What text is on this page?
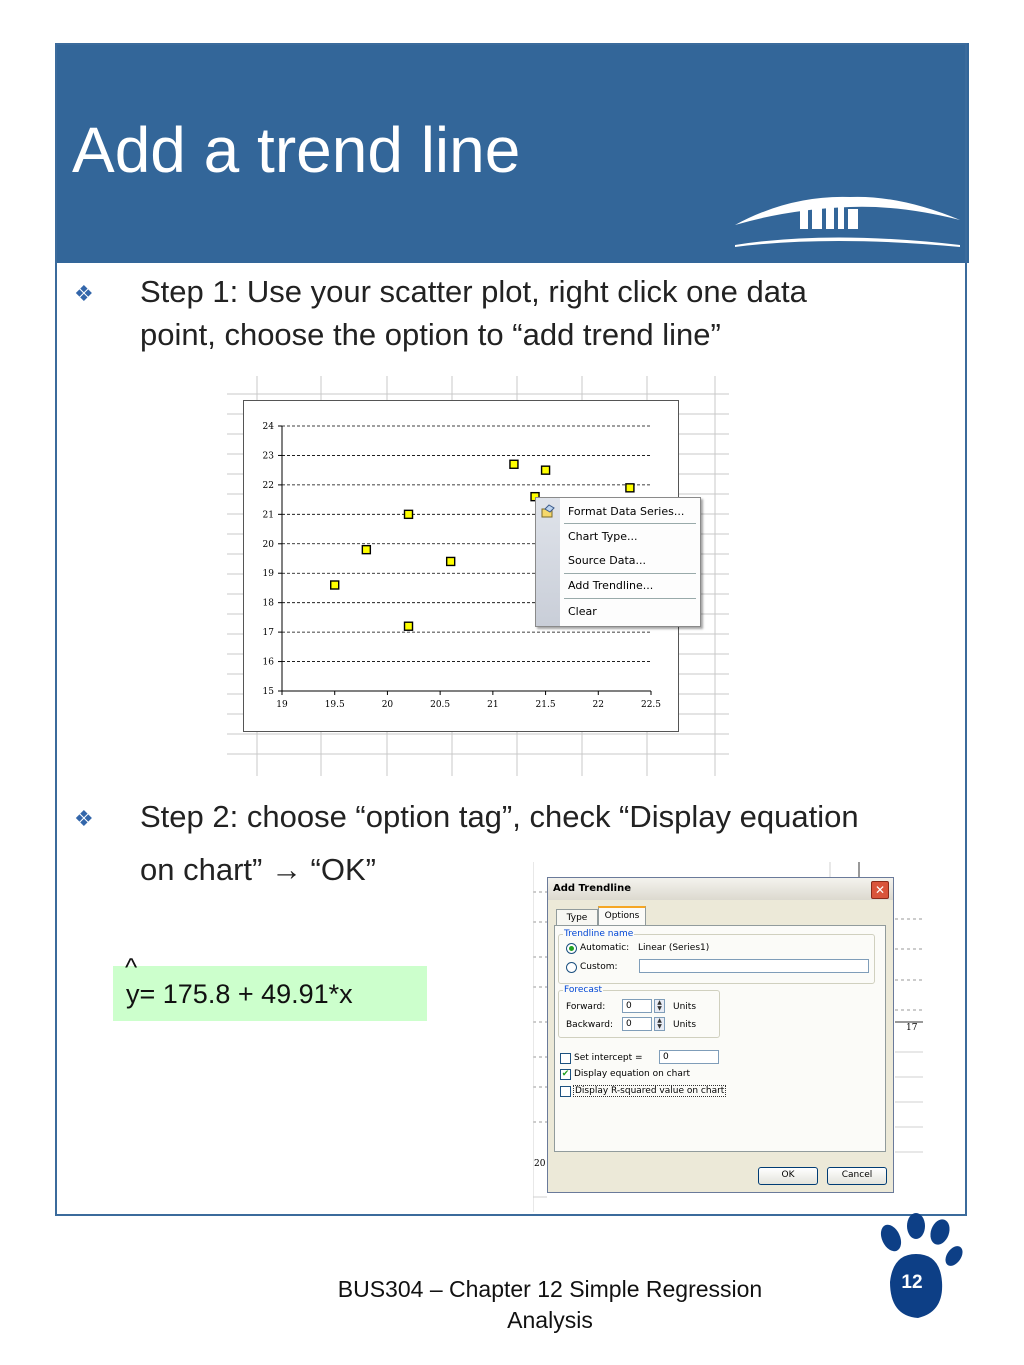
Add a trend line
❖ Step 1: Use your scatter plot, right click one data
point, choose the option to “add trend line”
15
16
17
18
19
20
21
22
23
24
19	19.5	20	20.5	21	21.5	22	22.5
Format Data Series...
Chart Type...
Source Data...
Add Trendline...
Clear
❖ Step 2: choose “option tag”, check “Display equation
on chart” → “OK”
^
y= 175.8 + 49.91*x
17
20
Add Trendline	✕
Type	Options
Trendline name
Automatic: Linear (Series1)
Custom:
Forecast
Forward:	0	▲
▼	Units
Backward:	0	▲
▼	Units
Set intercept =	0
✔ Display equation on chart
Display R-squared value on chart
OK	Cancel
BUS304 – Chapter 12 Simple Regression
Analysis
12
